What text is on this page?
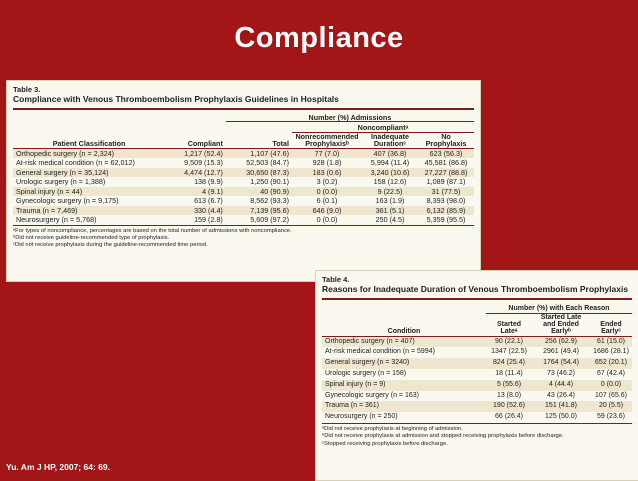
Compliance
Table 3.
Compliance with Venous Thromboembolism Prophylaxis Guidelines in Hospitals
		Number (%) Admissions			
			Noncompliantᵃ		
Patient Classification	Compliant	Total	Nonrecommended Prophylaxisᵇ	Inadequate Durationᶜ	No Prophylaxis
Orthopedic surgery (n = 2,324)	1,217 (52.4)	1,107 (47.6)	77 (7.0)	407 (36.8)	623 (56.3)
At-risk medical condition (n = 62,012)	9,509 (15.3)	52,503 (84.7)	928 (1.8)	5,994 (11.4)	45,581 (86.8)
General surgery (n = 35,124)	4,474 (12.7)	30,650 (87.3)	183 (0.6)	3,240 (10.6)	27,227 (88.8)
Urologic surgery (n = 1,388)	138 (9.9)	1,250 (90.1)	3 (0.2)	158 (12.6)	1,089 (87.1)
Spinal injury (n = 44)	4 (9.1)	40 (90.9)	0 (0.0)	9 (22.5)	31 (77.5)
Gynecologic surgery (n = 9,175)	613 (6.7)	8,562 (93.3)	6 (0.1)	163 (1.9)	8,393 (98.0)
Trauma (n = 7,469)	330 (4.4)	7,139 (95.6)	646 (9.0)	361 (5.1)	6,132 (85.9)
Neurosurgery (n = 5,768)	159 (2.8)	5,609 (97.2)	0 (0.0)	250 (4.5)	5,359 (95.5)
ᵃFor types of noncompliance, percentages are based on the total number of admissions with noncompliance.
ᵇDid not receive guideline-recommended type of prophylaxis.
ᶜDid not receive prophylaxis during the guideline-recommended time period.
Table 4.
Reasons for Inadequate Duration of Venous Thromboembolism Prophylaxis
	Number (%) with Each Reason		
Condition	Started Lateᵃ	Started Late and Ended Earlyᵇ	Ended Earlyᶜ
Orthopedic surgery (n = 407)	90 (22.1)	256 (62.9)	61 (15.0)
At-risk medical condition (n = 5994)	1347 (22.5)	2961 (49.4)	1686 (28.1)
General surgery (n = 3240)	824 (25.4)	1764 (54.4)	652 (20.1)
Urologic surgery (n = 158)	18 (11.4)	73 (46.2)	67 (42.4)
Spinal injury (n = 9)	5 (55.6)	4 (44.4)	0 (0.0)
Gynecologic surgery (n = 163)	13 (8.0)	43 (26.4)	107 (65.6)
Trauma (n = 361)	190 (52.6)	151 (41.8)	20 (5.5)
Neurosurgery (n = 250)	66 (26.4)	125 (50.0)	59 (23.6)
ᵃDid not receive prophylaxis at beginning of admission.
ᵇDid not receive prophylaxis at admission and stopped receiving prophylaxis before discharge.
ᶜStopped receiving prophylaxis before discharge.
Yu. Am J HP, 2007; 64: 69.
